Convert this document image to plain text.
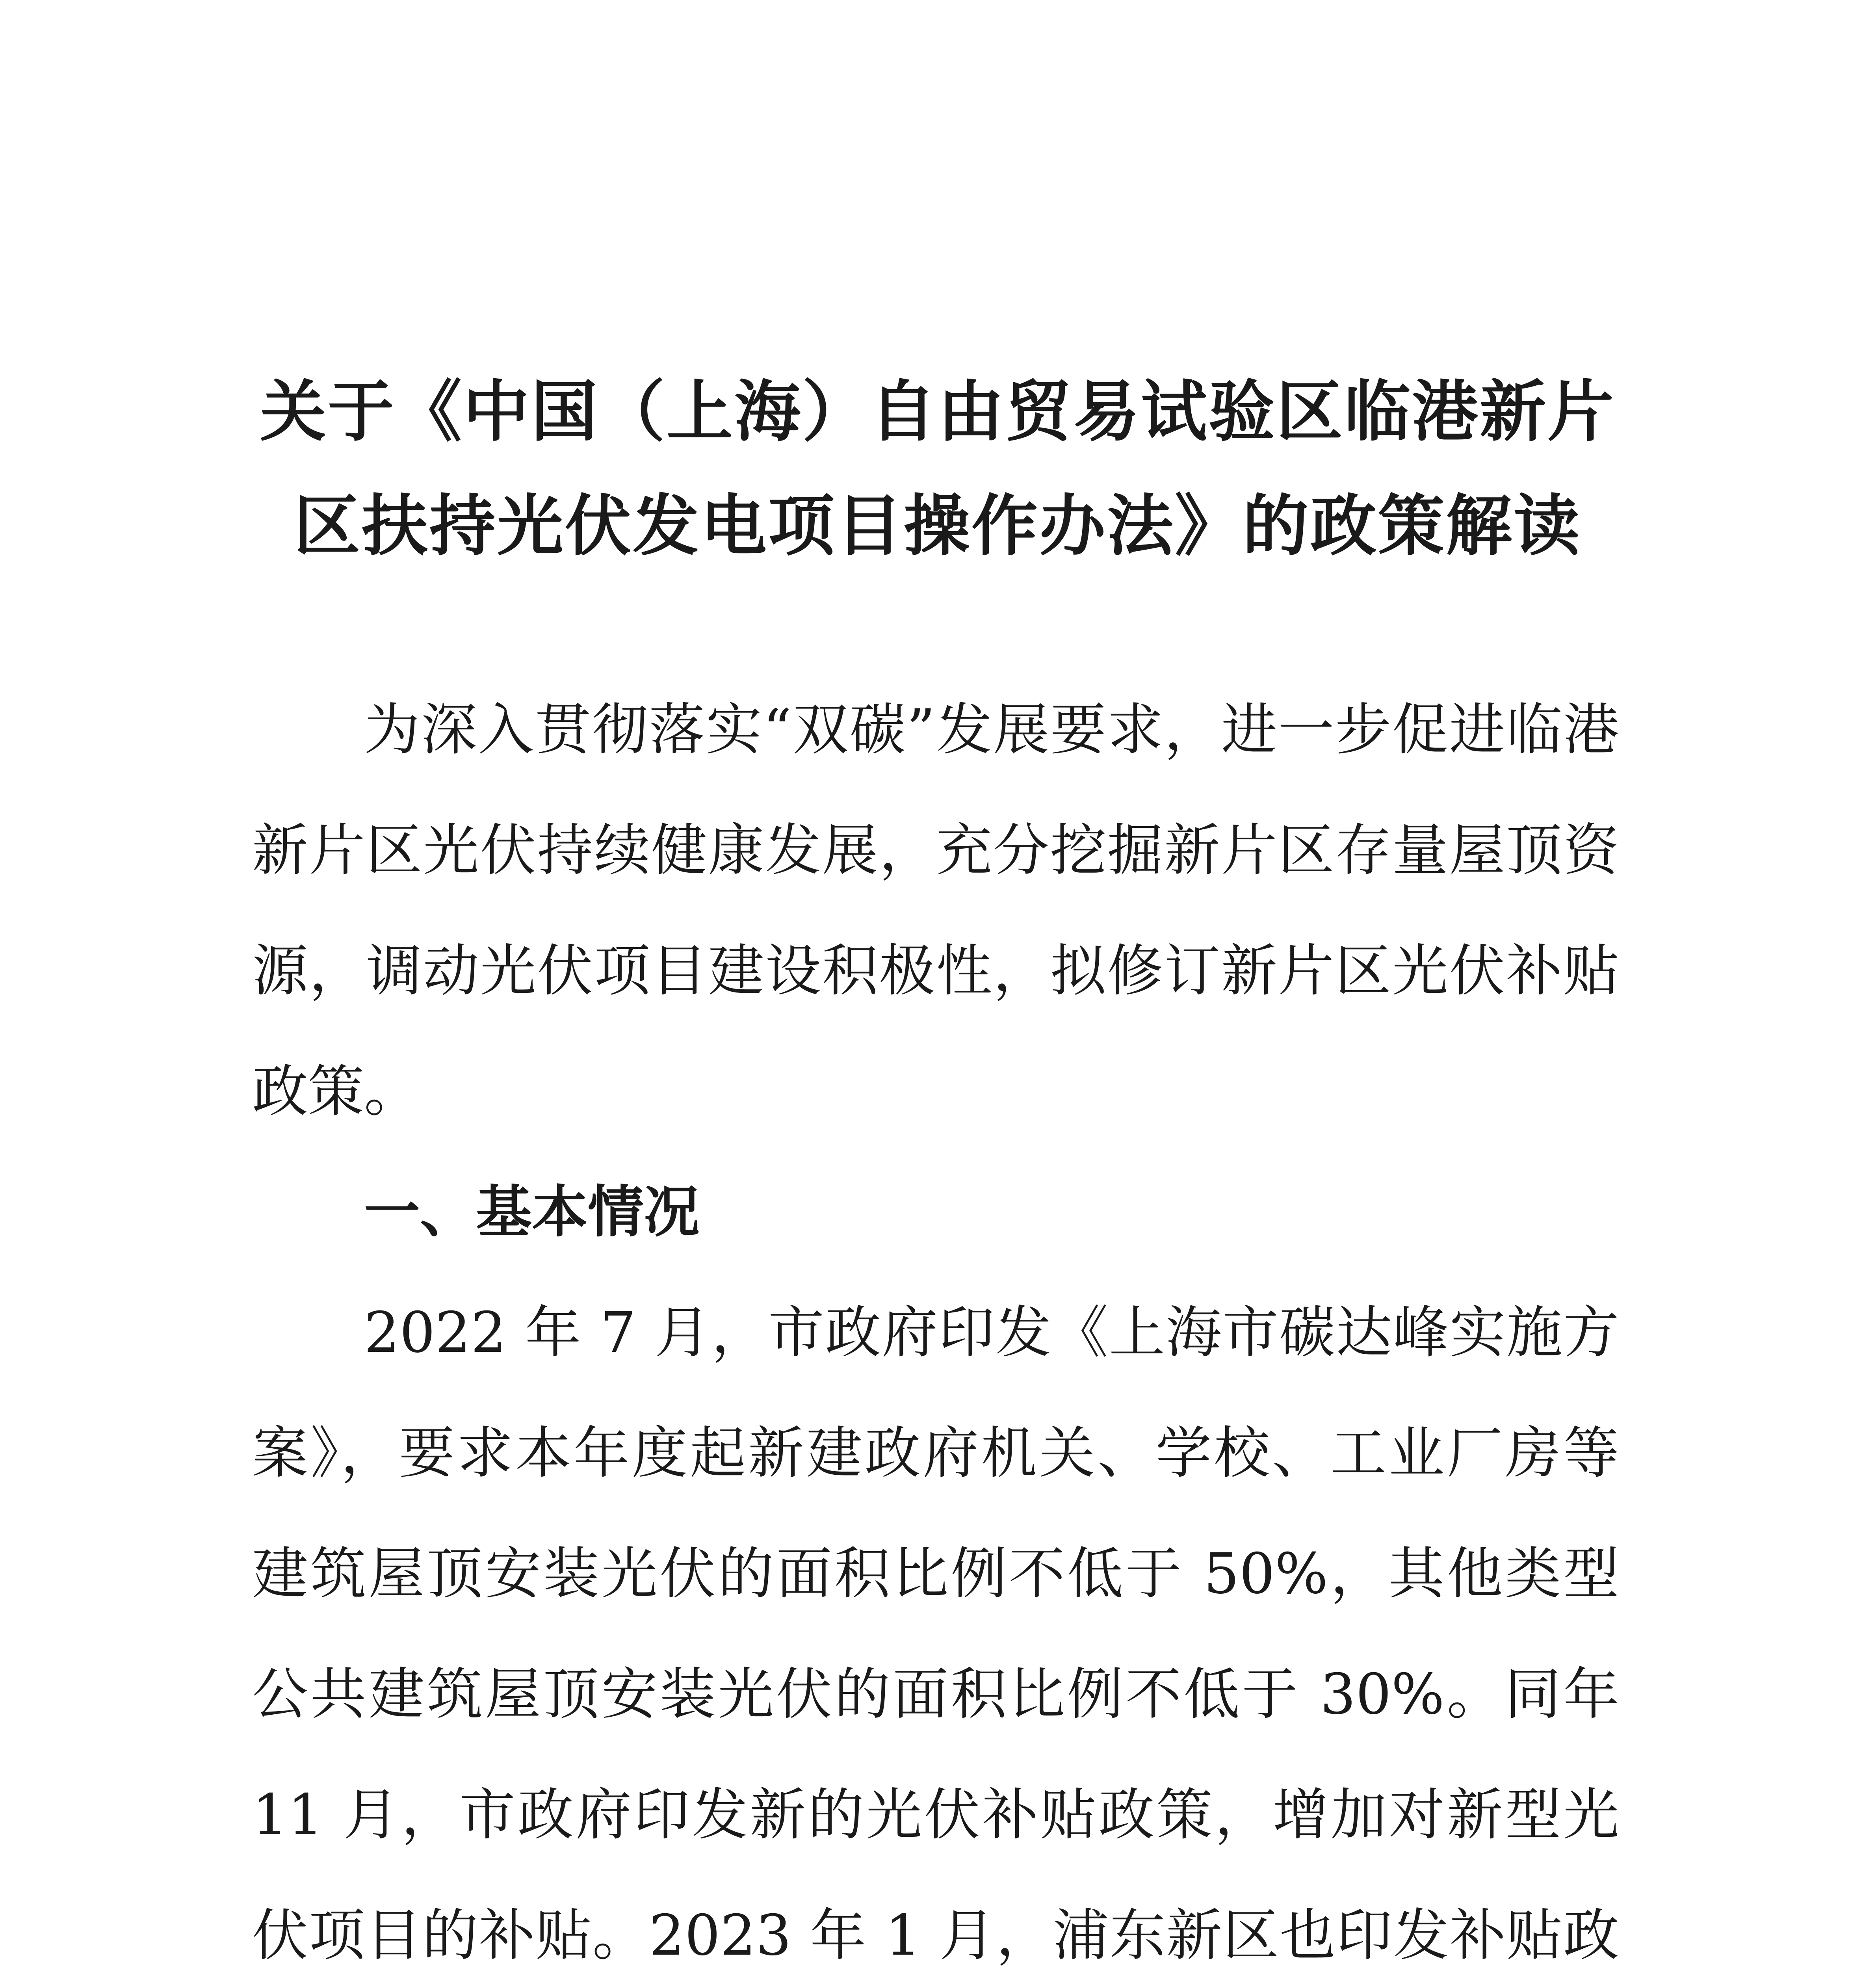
关于《中国（上海）自由贸易试验区临港新片
区扶持光伏发电项目操作办法》的政策解读

为深入贯彻落实“双碳”发展要求，进一步促进临港新片区光伏持续健康发展，充分挖掘新片区存量屋顶资源，调动光伏项目建设积极性，拟修订新片区光伏补贴政策。

一、基本情况

2022 年 7 月，市政府印发《上海市碳达峰实施方案》，要求本年度起新建政府机关、学校、工业厂房等建筑屋顶安装光伏的面积比例不低于 50%，其他类型公共建筑屋顶安装光伏的面积比例不低于 30%。同年 11 月，市政府印发新的光伏补贴政策，增加对新型光伏项目的补贴。2023 年 1 月，浦东新区也印发补贴政
